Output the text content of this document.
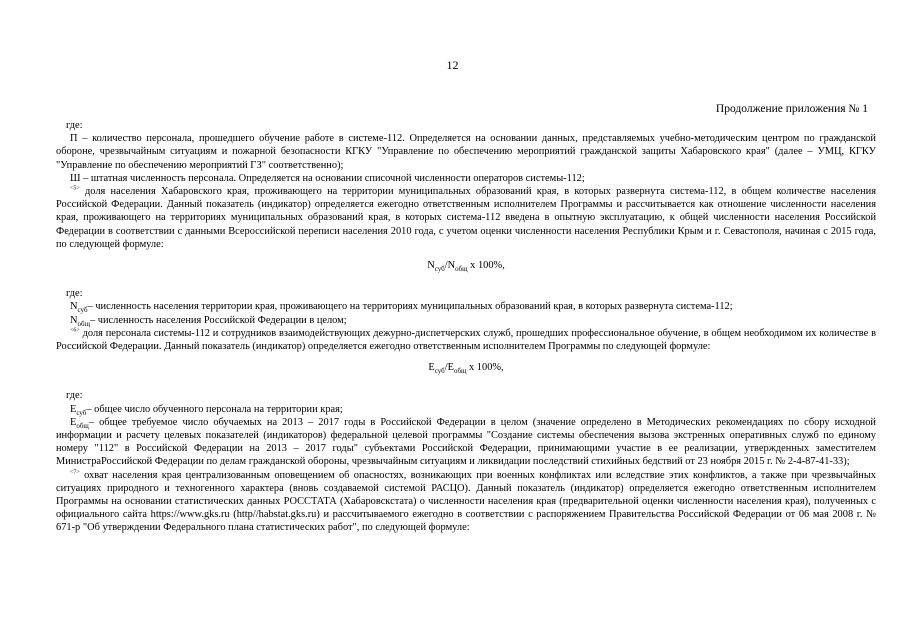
12
Продолжение приложения № 1

где:

П – количество персонала, прошедшего обучение работе в системе-112. Определяется на основании данных, представляемых учебно-методическим центром по гражданской обороне, чрезвычайным ситуациям и пожарной безопасности КГКУ "Управление по обеспечению мероприятий гражданской защиты Хабаровского края" (далее – УМЦ, КГКУ "Управление по обеспечению мероприятий ГЗ" соответственно);

Ш – штатная численность персонала. Определяется на основании списочной численности операторов системы-112;

$^{<5>}$ доля населения Хабаровского края, проживающего на территории муниципальных образований края, в которых развернута система-112, в общем количестве населения Российской Федерации. Данный показатель (индикатор) определяется ежегодно ответственным исполнителем Программы и рассчитывается как отношение численности населения края, проживающего на территориях муниципальных образований края, в которых система-112 введена в опытную эксплуатацию, к общей численности населения Российской Федерации в соответствии с данными Всероссийской переписи населения 2010 года, с учетом оценки численности населения Республики Крым и г. Севастополя, начиная с 2015 года, по следующей формуле:

$N_{суб}/N_{общ}$ x 100%,

где:

$N_{суб}-$ численность населения территории края, проживающего на территориях муниципальных образований края, в которых развернута система-112;

$N_{общ}-$ численность населения Российской Федерации в целом;

$^{<6>}$ доля персонала системы-112 и сотрудников взаимодействующих дежурно-диспетчерских служб, прошедших профессиональное обучение, в общем необходимом их количестве в Российской Федерации. Данный показатель (индикатор) определяется ежегодно ответственным исполнителем Программы по следующей формуле:

$E_{суб}/E_{общ}$ x 100%,

где:

$E_{суб}-$ общее число обученного персонала на территории края;

$E_{общ}-$ общее требуемое число обучаемых на 2013 – 2017 годы в Российской Федерации в целом (значение определено в Методических рекомендациях по сбору исходной информации и расчету целевых показателей (индикаторов) федеральной целевой программы "Создание системы обеспечения вызова экстренных оперативных служб по единому номеру "112" в Российской Федерации на 2013 – 2017 годы" субъектами Российской Федерации, принимающими участие в ее реализации, утвержденных заместителем МинистраРоссийской Федерации по делам гражданской обороны, чрезвычайным ситуациям и ликвидации последствий стихийных бедствий от 23 ноября 2015 г. № 2-4-87-41-33);

$^{<7>}$ охват населения края централизованным оповещением об опасностях, возникающих при военных конфликтах или вследствие этих конфликтов, а также при чрезвычайных ситуациях природного и техногенного характера (вновь создаваемой системой РАСЦО). Данный показатель (индикатор) определяется ежегодно ответственным исполнителем Программы на основании статистических данных РОССТАТА (Хабаровскстата) о численности населения края (предварительной оценки численности населения края), полученных с официального сайта https://www.gks.ru (http//habstat.gks.ru) и рассчитываемого ежегодно в соответствии с распоряжением Правительства Российской Федерации от 06 мая 2008 г. № 671-р "Об утверждении Федерального плана статистических работ", по следующей формуле:
